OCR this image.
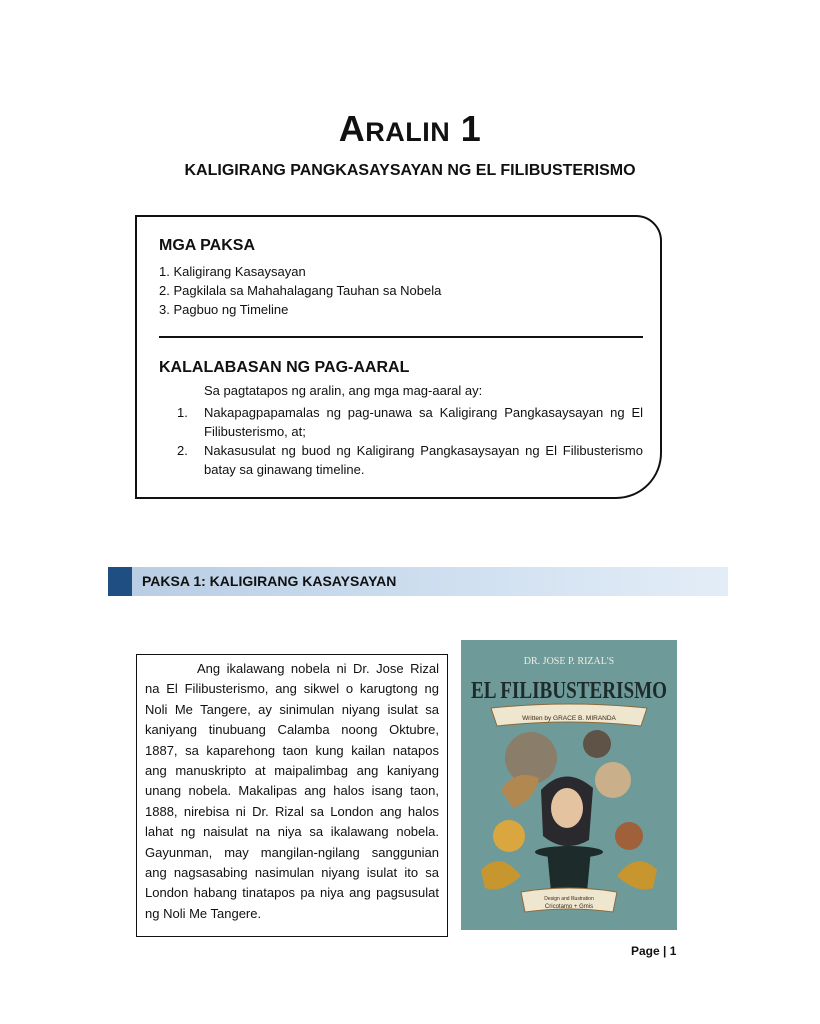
ARALIN 1
KALIGIRANG PANGKASAYSAYAN NG EL FILIBUSTERISMO
MGA PAKSA
1. Kaligirang Kasaysayan
2. Pagkilala sa Mahahalagang Tauhan sa Nobela
3. Pagbuo ng Timeline
KALALABASAN NG PAG-AARAL
Sa pagtatapos ng aralin, ang mga mag-aaral ay:
1.	Nakapagpapamalas ng pag-unawa sa Kaligirang Pangkasaysayan ng El Filibusterismo, at;
2.	Nakasusulat ng buod ng Kaligirang Pangkasaysayan ng El Filibusterismo batay sa ginawang timeline.
PAKSA 1: KALIGIRANG KASAYSAYAN

Ang ikalawang nobela ni Dr. Jose Rizal na El Filibusterismo, ang sikwel o karugtong ng Noli Me Tangere, ay sinimulan niyang isulat sa kaniyang tinubuang Calamba noong Oktubre, 1887, sa kaparehong taon kung kailan natapos ang manuskripto at maipalimbag ang kaniyang unang nobela. Makalipas ang halos isang taon, 1888, nirebisa ni Dr. Rizal sa London ang halos lahat ng naisulat na niya sa ikalawang nobela. Gayunman, may mangilan-ngilang sanggunian ang nagsasabing nasimulan niyang isulat ito sa London habang tinatapos pa niya ang pagsusulat ng Noli Me Tangere.

DR. JOSE P. RIZAL'S
EL FILIBUSTERISMO
Written by GRACE B. MIRANDA
Design and Illustration
Cricotamo + Gmis
Page | 1
